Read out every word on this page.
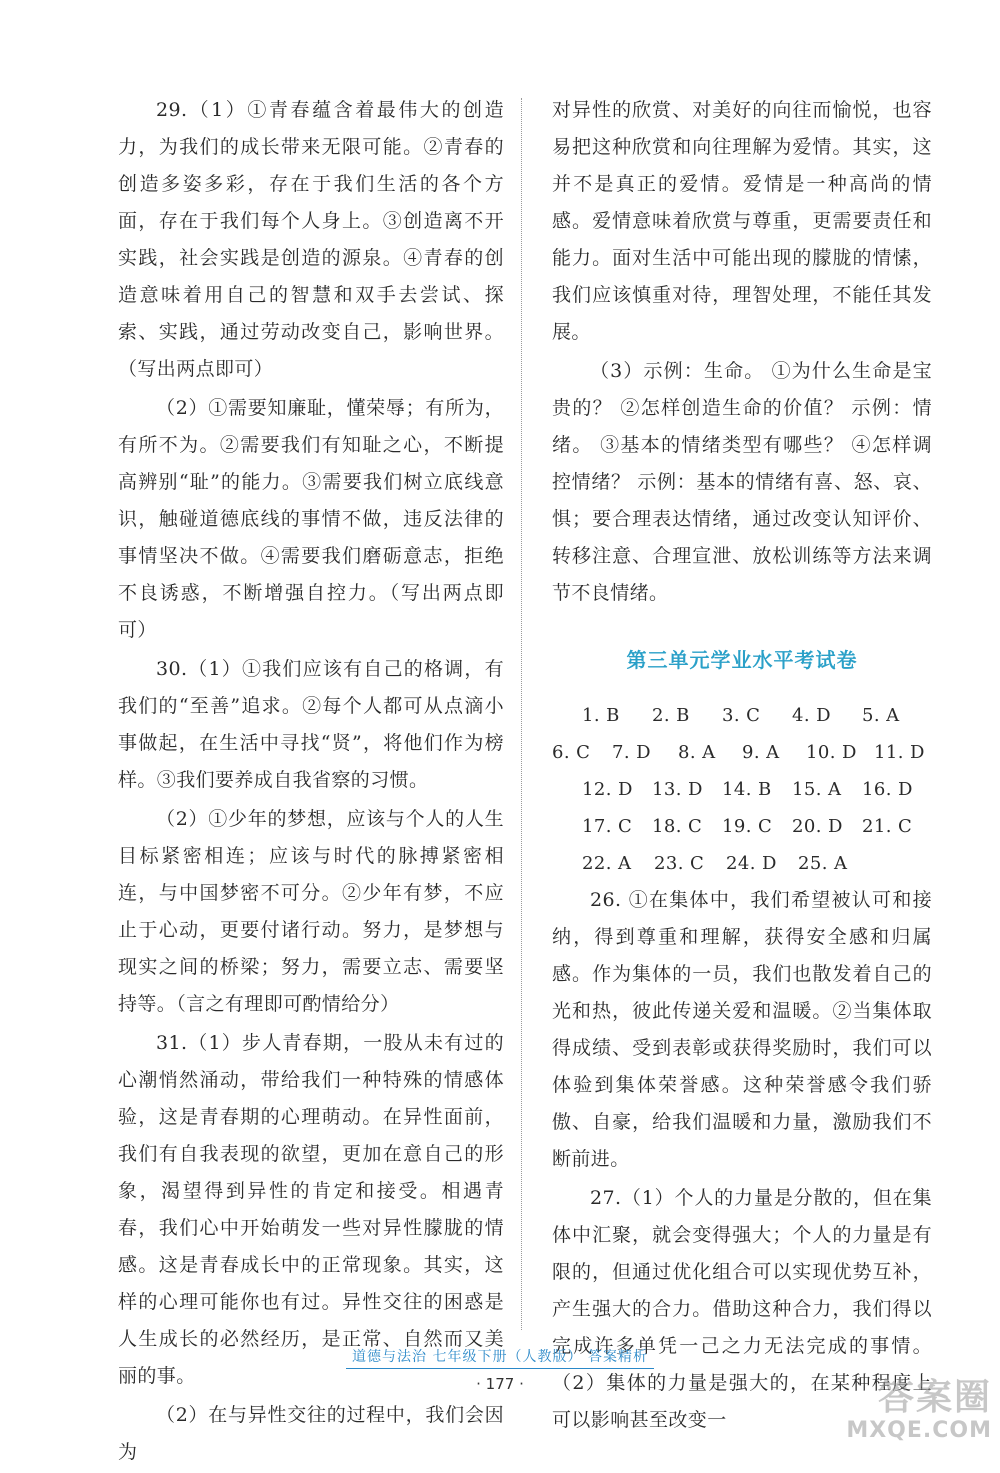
29.（1）①青春蕴含着最伟大的创造力，为我们的成长带来无限可能。②青春的创造多姿多彩，存在于我们生活的各个方面，存在于我们每个人身上。③创造离不开实践，社会实践是创造的源泉。④青春的创造意味着用自己的智慧和双手去尝试、探索、实践，通过劳动改变自己，影响世界。（写出两点即可）

（2）①需要知廉耻，懂荣辱；有所为，有所不为。②需要我们有知耻之心，不断提高辨别“耻”的能力。③需要我们树立底线意识，触碰道德底线的事情不做，违反法律的事情坚决不做。④需要我们磨砺意志，拒绝不良诱惑，不断增强自控力。（写出两点即可）

30.（1）①我们应该有自己的格调，有我们的“至善”追求。②每个人都可从点滴小事做起，在生活中寻找“贤”，将他们作为榜样。③我们要养成自我省察的习惯。

（2）①少年的梦想，应该与个人的人生目标紧密相连；应该与时代的脉搏紧密相连，与中国梦密不可分。②少年有梦，不应止于心动，更要付诸行动。努力，是梦想与现实之间的桥梁；努力，需要立志、需要坚持等。（言之有理即可酌情给分）

31.（1）步人青春期，一股从未有过的心潮悄然涌动，带给我们一种特殊的情感体验，这是青春期的心理萌动。在异性面前，我们有自我表现的欲望，更加在意自己的形象，渴望得到异性的肯定和接受。相遇青春，我们心中开始萌发一些对异性朦胧的情感。这是青春成长中的正常现象。其实，这样的心理可能你也有过。异性交往的困惑是人生成长的必然经历，是正常、自然而又美丽的事。

（2）在与异性交往的过程中，我们会因为

对异性的欣赏、对美好的向往而愉悦，也容易把这种欣赏和向往理解为爱情。其实，这并不是真正的爱情。爱情是一种高尚的情感。爱情意味着欣赏与尊重，更需要责任和能力。面对生活中可能出现的朦胧的情愫，我们应该慎重对待，理智处理，不能任其发展。

（3）示例：生命。 ①为什么生命是宝贵的？ ②怎样创造生命的价值？ 示例：情绪。 ③基本的情绪类型有哪些？ ④怎样调控情绪？ 示例：基本的情绪有喜、怒、哀、惧；要合理表达情绪，通过改变认知评价、转移注意、合理宣泄、放松训练等方法来调节不良情绪。

第三单元学业水平考试卷
1. B	2. B	3. C	4. D	5. A
6. C	7. D	8. A	9. A	10. D 11. D
12. D	13. D	14. B	15. A	16. D
17. C	18. C	19. C	20. D	21. C
22. A	23. C	24. D	25. A

26. ①在集体中，我们希望被认可和接纳，得到尊重和理解，获得安全感和归属感。作为集体的一员，我们也散发着自己的光和热，彼此传递关爱和温暖。②当集体取得成绩、受到表彰或获得奖励时，我们可以体验到集体荣誉感。这种荣誉感令我们骄傲、自豪，给我们温暖和力量，激励我们不断前进。

27.（1）个人的力量是分散的，但在集体中汇聚，就会变得强大；个人的力量是有限的，但通过优化组合可以实现优势互补，产生强大的合力。借助这种合力，我们得以完成许多单凭一己之力无法完成的事情。（2）集体的力量是强大的，在某种程度上可以影响甚至改变一

道德与法治 七年级下册（人教版） 答案精析
· 177 ·	答案圈
MXQE.COM
